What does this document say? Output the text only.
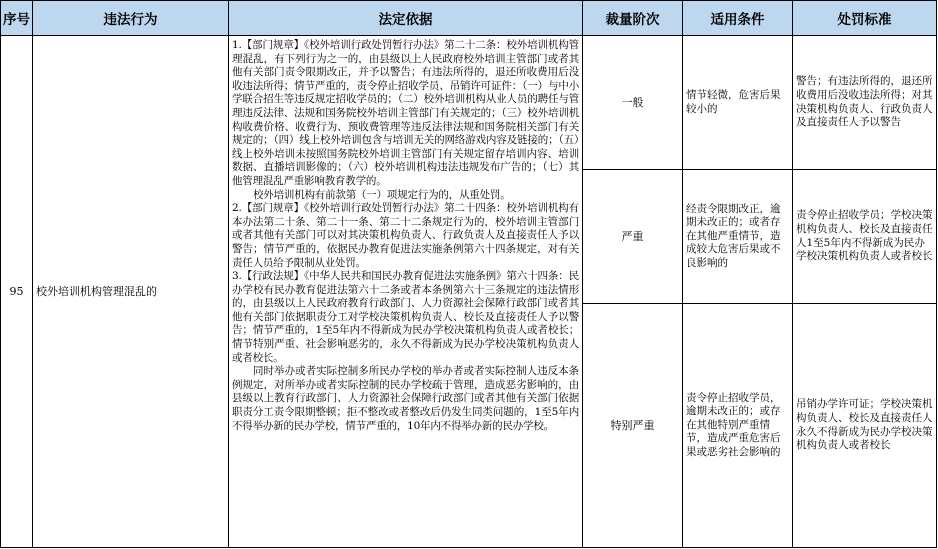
序号	违法行为	法定依据	裁量阶次	适用条件	处罚标准
95	校外培训机构管理混乱的	1.【部门规章】《校外培训行政处罚暂行办法》第二十二条：校外培训机构管理混乱，有下列行为之一的，由县级以上人民政府校外培训主管部门或者其他有关部门责令限期改正，并予以警告；有违法所得的，退还所收费用后没收违法所得；情节严重的，责令停止招收学员、吊销许可证件：（一）与中小学联合招生等违反规定招收学员的；（二）校外培训机构从业人员的聘任与管理违反法律、法规和国务院校外培训主管部门有关规定的；（三）校外培训机构收费价格、收费行为、预收费管理等违反法律法规和国务院相关部门有关规定的；（四）线上校外培训包含与培训无关的网络游戏内容及链接的；（五）线上校外培训未按照国务院校外培训主管部门有关规定留存培训内容、培训数据、直播培训影像的；（六）校外培训机构违法违规发布广告的；（七）其他管理混乱严重影响教育教学的。

校外培训机构有前款第（一）项规定行为的，从重处罚。

2.【部门规章】《校外培训行政处罚暂行办法》第二十四条：校外培训机构有本办法第二十条、第二十一条、第二十二条规定行为的，校外培训主管部门或者其他有关部门可以对其决策机构负责人、行政负责人及直接责任人予以警告；情节严重的，依据民办教育促进法实施条例第六十四条规定，对有关责任人员给予限制从业处罚。

3.【行政法规】《中华人民共和国民办教育促进法实施条例》第六十四条：民办学校有民办教育促进法第六十二条或者本条例第六十三条规定的违法情形的，由县级以上人民政府教育行政部门、人力资源社会保障行政部门或者其他有关部门依据职责分工对学校决策机构负责人、校长及直接责任人予以警告；情节严重的，1至5年内不得新成为民办学校决策机构负责人或者校长；情节特别严重、社会影响恶劣的，永久不得新成为民办学校决策机构负责人或者校长。

同时举办或者实际控制多所民办学校的举办者或者实际控制人违反本条例规定，对所举办或者实际控制的民办学校疏于管理，造成恶劣影响的，由县级以上教育行政部门、人力资源社会保障行政部门或者其他有关部门依据职责分工责令限期整顿；拒不整改或者整改后仍发生同类问题的，1至5年内不得举办新的民办学校，情节严重的，10年内不得举办新的民办学校。	一般	情节轻微，危害后果较小的	警告；有违法所得的，退还所收费用后没收违法所得；对其决策机构负责人、行政负责人及直接责任人予以警告
			严重	经责令限期改正，逾期未改正的；或者存在其他严重情节，造成较大危害后果或不良影响的	责令停止招收学员；学校决策机构负责人、校长及直接责任人1至5年内不得新成为民办学校决策机构负责人或者校长
			特别严重	责令停止招收学员，逾期未改正的；或存在其他特别严重情节，造成严重危害后果或恶劣社会影响的	吊销办学许可证；学校决策机构负责人、校长及直接责任人永久不得新成为民办学校决策机构负责人或者校长
